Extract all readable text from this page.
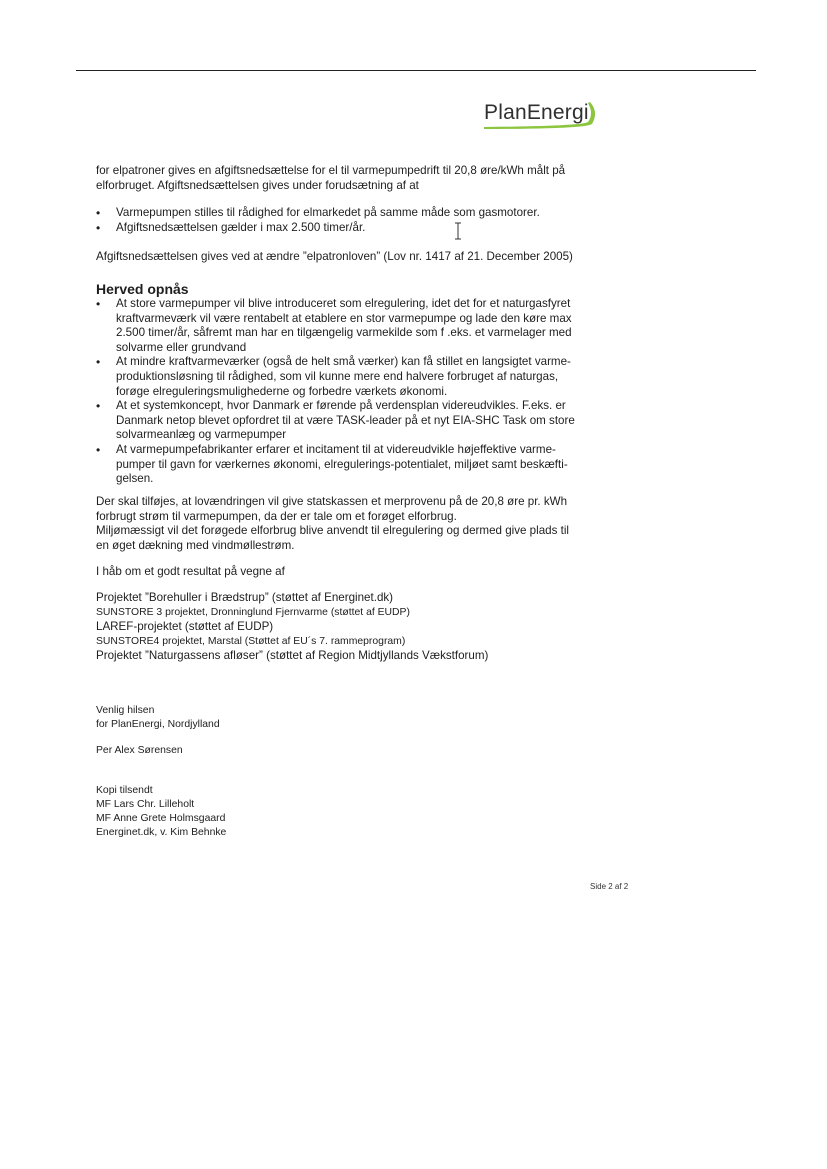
PlanEnergi

for elpatroner gives en afgiftsnedsættelse for el til varmepumpedrift til 20,8 øre/kWh målt på

elforbruget. Afgiftsnedsættelsen gives under forudsætning af at

• Varmepumpen stilles til rådighed for elmarkedet på samme måde som gasmotorer.
• Afgiftsnedsættelsen gælder i max 2.500 timer/år.

Afgiftsnedsættelsen gives ved at ændre ”elpatronloven” (Lov nr. 1417 af 21. December 2005)

Herved opnås
• At store varmepumper vil blive introduceret som elregulering, idet det for et naturgasfyret
kraftvarmeværk vil være rentabelt at etablere en stor varmepumpe og lade den køre max
2.500 timer/år, såfremt man har en tilgængelig varmekilde som f .eks. et varmelager med
solvarme eller grundvand
• At mindre kraftvarmeværker (også de helt små værker) kan få stillet en langsigtet varme-
produktionsløsning til rådighed, som vil kunne mere end halvere forbruget af naturgas,
forøge elreguleringsmulighederne og forbedre værkets økonomi.
• At et systemkoncept, hvor Danmark er førende på verdensplan videreudvikles. F.eks. er
Danmark netop blevet opfordret til at være TASK-leader på et nyt EIA-SHC Task om store
solvarmeanlæg og varmepumper
• At varmepumpefabrikanter erfarer et incitament til at videreudvikle højeffektive varme-
pumper til gavn for værkernes økonomi, elregulerings-potentialet, miljøet samt beskæfti-
gelsen.

Der skal tilføjes, at lovændringen vil give statskassen et merprovenu på de 20,8 øre pr. kWh

forbrugt strøm til varmepumpen, da der er tale om et forøget elforbrug.

Miljømæssigt vil det forøgede elforbrug blive anvendt til elregulering og dermed give plads til

en øget dækning med vindmøllestrøm.

I håb om et godt resultat på vegne af

Projektet ”Borehuller i Brædstrup” (støttet af Energinet.dk)

SUNSTORE 3 projektet, Dronninglund Fjernvarme (støttet af EUDP)

LAREF-projektet (støttet af EUDP)

SUNSTORE4 projektet, Marstal (Støttet af EU´s 7. rammeprogram)

Projektet ”Naturgassens afløser” (støttet af Region Midtjyllands Vækstforum)

Venlig hilsen

for PlanEnergi, Nordjylland

Per Alex Sørensen

Kopi tilsendt

MF Lars Chr. Lilleholt

MF Anne Grete Holmsgaard

Energinet.dk, v. Kim Behnke

Side 2 af 2
